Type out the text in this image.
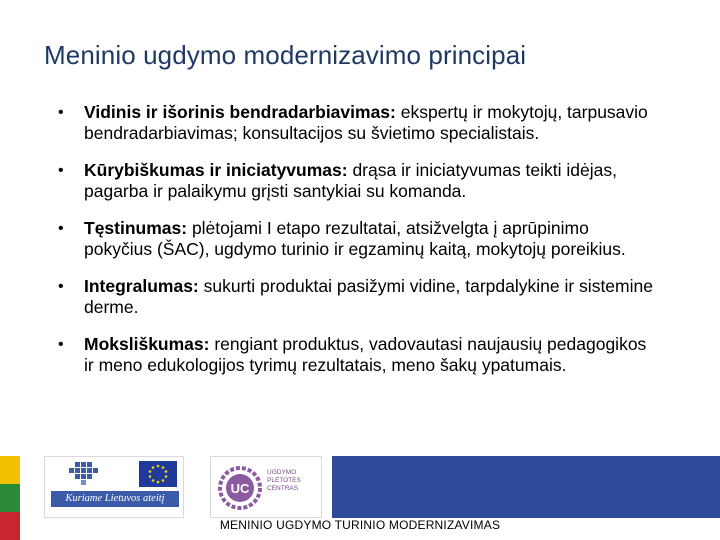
Meninio ugdymo modernizavimo principai
• Vidinis ir išorinis bendradarbiavimas: ekspertų ir mokytojų, tarpusavio bendradarbiavimas; konsultacijos su švietimo specialistais.
• Kūrybiškumas ir iniciatyvumas: drąsa ir iniciatyvumas teikti idėjas, pagarba ir palaikymu grįsti santykiai su komanda.
• Tęstinumas: plėtojami I etapo rezultatai, atsižvelgta į aprūpinimo pokyčius (ŠAC), ugdymo turinio ir egzaminų kaitą, mokytojų poreikius.
• Integralumas: sukurti produktai pasižymi vidine, tarpdalykine ir sistemine derme.
• Moksliškumas: rengiant produktus, vadovautasi naujausių pedagogikos ir meno edukologijos tyrimų rezultatais, meno šakų ypatumais.
Kuriame Lietuvos ateitį
UC
UGDYMO PLĖTOTĖS CENTRAS
MENINIO UGDYMO TURINIO MODERNIZAVIMAS
